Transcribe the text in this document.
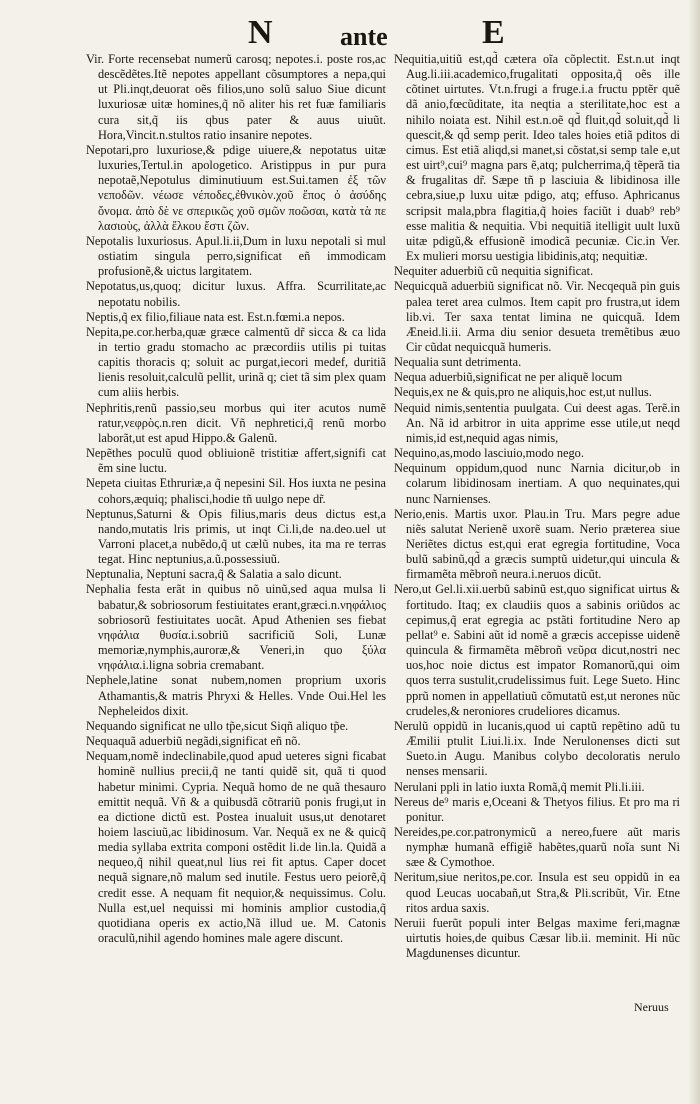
N	ante	E

Vir. Forte recensebat numerũ carosq; nepotes.i. poste ros,ac descẽdẽtes.Itẽ nepotes appellant cõsumptores a nepa,qui ut Pli.inqt,deuorat oẽs filios,uno solũ saluo Siue dicunt luxuriosæ uitæ homines,q̃ nõ aliter his ret fuæ familiaris cura sit,q̃ iis qbus pater & auus uiuũt. Hora,Vincit.n.stultos ratio insanire nepotes.

Nepotari,pro luxuriose,& pdige uiuere,& nepotatus uitæ luxuries,Tertul.in apologetico. Aristippus in pur pura nepotaẽ,Nepotulus diminutiuum est.Sui.tamen ἐξ τῶν νεποδῶν. νέωσε νέποδες,ἐθνικὸν.χοῦ ἔπος ὀ ἀσύδης ὄνομα. ἀπὸ δὲ νε σπερικῶς χοῦ σμῶν ποῶσαι, κατὰ τὰ πε λασιοὺς, ἀλλὰ ἔλκου ἔστι ζῶν.

Nepotalis luxuriosus. Apul.li.ii,Dum in luxu nepotali si mul ostiatim singula perro,significat eñ immodicam profusionẽ,& uictus largitatem.

Nepotatus,us,quoq; dicitur luxus. Affra. Scurrilitate,ac nepotatu nobilis.

Neptis,q̃ ex filio,filiaue nata est. Est.n.fœmi.a nepos.

Nepita,pe.cor.herba,quæ græce calmentũ dr̃ sicca & ca lida in tertio gradu stomacho ac præcordiis utilis pi tuitas capitis thoracis q; soluit ac purgat,iecori medef, duritiã lienis resoluit,calculũ pellit, urinã q; ciet tã sim plex quam cum aliis herbis.

Nephritis,renũ passio,seu morbus qui iter acutos numẽ ratur,νεφρὸς.n.ren dicit. Vñ nephretici,q̃ renũ morbo laborãt,ut est apud Hippo.& Galenũ.

Nepẽthes poculũ quod obliuionẽ tristitiæ affert,signifi cat ẽm sine luctu.

Nepeta ciuitas Ethruriæ,a q̃ nepesini Sil. Hos iuxta ne pesina cohors,æquiq; phalisci,hodie tñ uulgo nepe dr̃.

Neptunus,Saturni & Opis filius,maris deus dictus est,a nando,mutatis lris primis, ut inqt Ci.li,de na.deo.uel ut Varroni placet,a nubẽdo,q̃ ut cælũ nubes, ita ma re terras tegat. Hinc neptunius,a.ũ.possessiuũ.

Neptunalia, Neptuni sacra,q̃ & Salatia a salo dicunt.

Nephalia festa erãt in quibus nõ uinũ,sed aqua mulsa li babatur,& sobriosorum festiuitates erant,græci.n.νηφάλιος sobriosorũ festiuitates uocãt. Apud Athenien ses fiebat νηφάλια θυσία.i.sobriũ sacrificiũ Soli, Lunæ memoriæ,nymphis,auroræ,& Veneri,in quo ξύλα νηφάλια.i.ligna sobria cremabant.

Nephele,latine sonat nubem,nomen proprium uxoris Athamantis,& matris Phryxi & Helles. Vnde Oui.Hel les Nepheleidos dixit.

Nequando significat ne ullo tp̃e,sicut Siqñ aliquo tp̃e.

Nequaquã aduerbiũ negãdi,significat eñ nõ.

Nequam,nomẽ indeclinabile,quod apud ueteres signi ficabat hominẽ nullius precii,q̃ ne tanti quidẽ sit, quã ti quod habetur minimi. Cypria. Nequã homo de ne quã thesauro emittit nequã. Vñ & a quibusdã cõtrariũ ponis frugi,ut in ea dictione dictũ est. Postea inualuit usus,ut denotaret hoiem lasciuũ,ac libidinosum. Var. Nequã ex ne & quicq̃ media syllaba extrita componi ostẽdit li.de lin.la. Quidã a nequeo,q̃ nihil queat,nul lius rei fit aptus. Caper docet nequã signare,nõ malum sed inutile. Festus uero peiorẽ,q̃ credit esse. A nequam fit nequior,& nequissimus. Colu. Nulla est,uel nequissi mi hominis amplior custodia,q̃ quotidiana operis ex actio,Nã illud ue. M. Catonis oraculũ,nihil agendo homines male agere discunt.

Nequitia,uitiũ est,qd̃ cætera oĩa cõplectit. Est.n.ut inqt Aug.li.iii.academico,frugalitati opposita,q̃ oẽs ille cõtinet uirtutes. Vt.n.frugi a fruge.i.a fructu pptẽr quẽ dã anio,fœcũditate, ita neqtia a sterilitate,hoc est a nihilo noiata est. Nihil est.n.oẽ qd̃ fluit,qd̃ soluit,qd̃ li quescit,& qd̃ semp perit. Ideo tales hoies etiã pditos di cimus. Est etiã aliqd,si manet,si cõstat,si semp tale e,ut est uirt⁹,cui⁹ magna pars ẽ,atq; pulcherrima,q̃ tẽperã tia & frugalitas dr̃. Sæpe tñ p lasciuia & libidinosa ille cebra,siue,p luxu uitæ pdigo, atq; effuso. Aphricanus scripsit mala,pbra flagitia,q̃ hoies faciũt i duab⁹ reb⁹ esse malitia & nequitia. Vbi nequitiã itelligit uult luxũ uitæ pdigũ,& effusionẽ imodicã pecuniæ. Cic.in Ver. Ex mulieri morsu uestigia libidinis,atq; nequitiæ.

Nequiter aduerbiũ cũ nequitia significat.

Nequicquã aduerbiũ significat nõ. Vir. Necqequã pin guis palea teret area culmos. Item capit pro frustra,ut idem lib.vi. Ter saxa tentat limina ne quicquã. Idem Æneid.li.ii. Arma diu senior desueta tremẽtibus æuo Cir cũdat nequicquã humeris.

Nequalia sunt detrimenta.

Nequa aduerbiũ,significat ne per aliquẽ locum

Nequis,ex ne & quis,pro ne aliquis,hoc est,ut nullus.

Nequid nimis,sententia puulgata. Cui deest agas. Terẽ.in An. Nã id arbitror in uita apprime esse utile,ut neqd nimis,id est,nequid agas nimis,

Nequino,as,modo lasciuio,modo nego.

Nequinum oppidum,quod nunc Narnia dicitur,ob in colarum libidinosam inertiam. A quo nequinates,qui nunc Narnienses.

Nerio,enis. Martis uxor. Plau.in Tru. Mars pegre adue niẽs salutat Nerienẽ uxorẽ suam. Nerio præterea siue Neriẽtes dictus est,qui erat egregia fortitudine, Voca bulũ sabinũ,qd̃ a græcis sumptũ uidetur,qui uincula & firmamẽta mẽbroñ neura.i.neruos dicũt.

Nero,ut Gel.li.xii.uerbũ sabinũ est,quo significat uirtus & fortitudo. Itaq; ex claudiis quos a sabinis oriũdos ac cepimus,q̃ erat egregia ac pstãti fortitudine Nero ap pellat⁹ e. Sabini aũt id nomẽ a græcis accepisse uidenẽ quincula & firmamẽta mẽbroñ νεῦρα dicut,nostri nec uos,hoc noie dictus est impator Romanorũ,qui oim quos terra sustulit,crudelissimus fuit. Lege Sueto. Hinc pprũ nomen in appellatiuũ cõmutatũ est,ut nerones nũc crudeles,& neroniores crudeliores dicamus.

Nerulũ oppidũ in lucanis,quod ui captũ repẽtino adũ tu Æmilii ptulit Liui.li.ix. Inde Nerulonenses dicti sut Sueto.in Augu. Manibus colybo decoloratis nerulo nenses mensarii.

Nerulani ppli in latio iuxta Romã,q̃ memit Pli.li.iii.

Nereus de⁹ maris e,Oceani & Thetyos filius. Et pro ma ri ponitur.

Nereides,pe.cor.patronymicũ a nereo,fuere aũt maris nymphæ humanã effigiẽ habẽtes,quarũ noĩa sunt Ni sæe & Cymothoe.

Neritum,siue neritos,pe.cor. Insula est seu oppidũ in ea quod Leucas uocabañ,ut Stra,& Pli.scribũt, Vir. Etne ritos ardua saxis.

Neruii fuerũt populi inter Belgas maxime feri,magnæ uirtutis hoies,de quibus Cæsar lib.ii. meminit. Hi nũc Magdunenses dicuntur.

Neruus
